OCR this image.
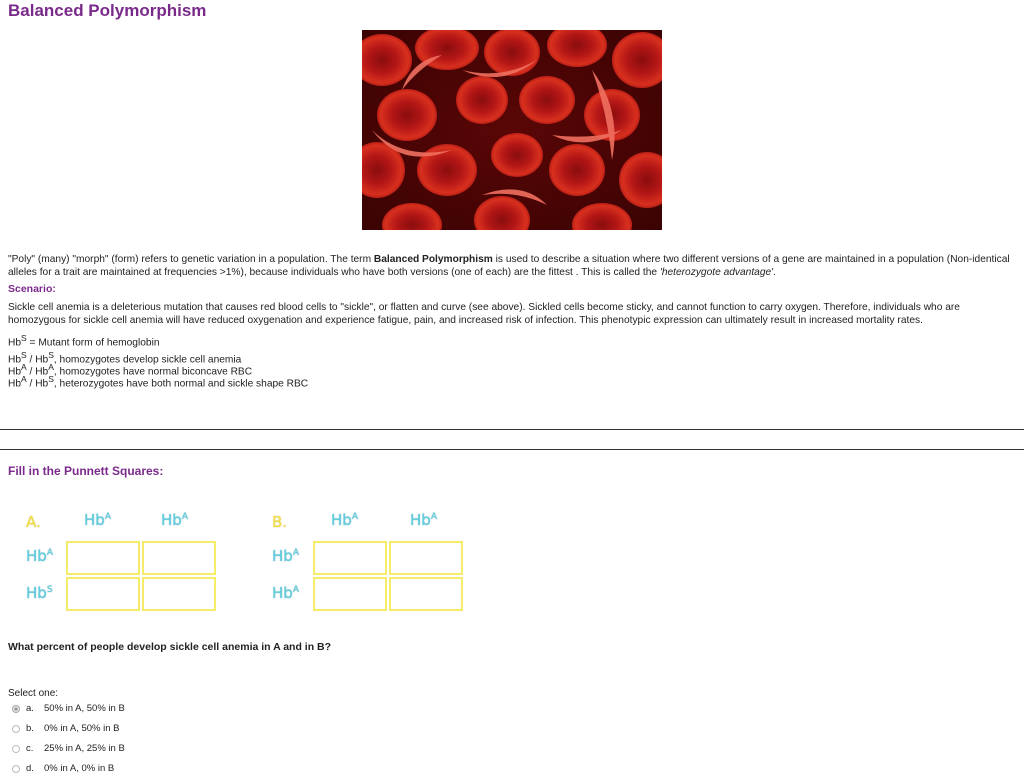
Balanced Polymorphism

"Poly" (many) "morph" (form) refers to genetic variation in a population. The term Balanced Polymorphism is used to describe a situation where two different versions of a gene are maintained in a population (Non-identical alleles for a trait are maintained at frequencies >1%), because individuals who have both versions (one of each) are the fittest . This is called the 'heterozygote advantage'.

Scenario:

Sickle cell anemia is a deleterious mutation that causes red blood cells to "sickle", or flatten and curve (see above). Sickled cells become sticky, and cannot function to carry oxygen. Therefore, individuals who are homozygous for sickle cell anemia will have reduced oxygenation and experience fatigue, pain, and increased risk of infection. This phenotypic expression can ultimately result in increased mortality rates.

$Hb^S = Mutant$ form of hemoglobin
$Hb^S / Hb^S$, homozygotes develop sickle cell anemia
$Hb^A / Hb^A$, homozygotes have normal biconcave RBC
$Hb^A / Hb^S$, heterozygotes have both normal and sickle shape RBC
Fill in the Punnett Squares:
A.	$Hb^A$	$Hb^A$
$Hb^A$
$Hb^S$
B.	$Hb^A$	$Hb^A$
$Hb^A$
$Hb^A$

What percent of people develop sickle cell anemia in A and in B?

Select one:

a.	50% in A, 50% in B
b.	0% in A, 50% in B
c.	25% in A, 25% in B
d.	0% in A, 0% in B
